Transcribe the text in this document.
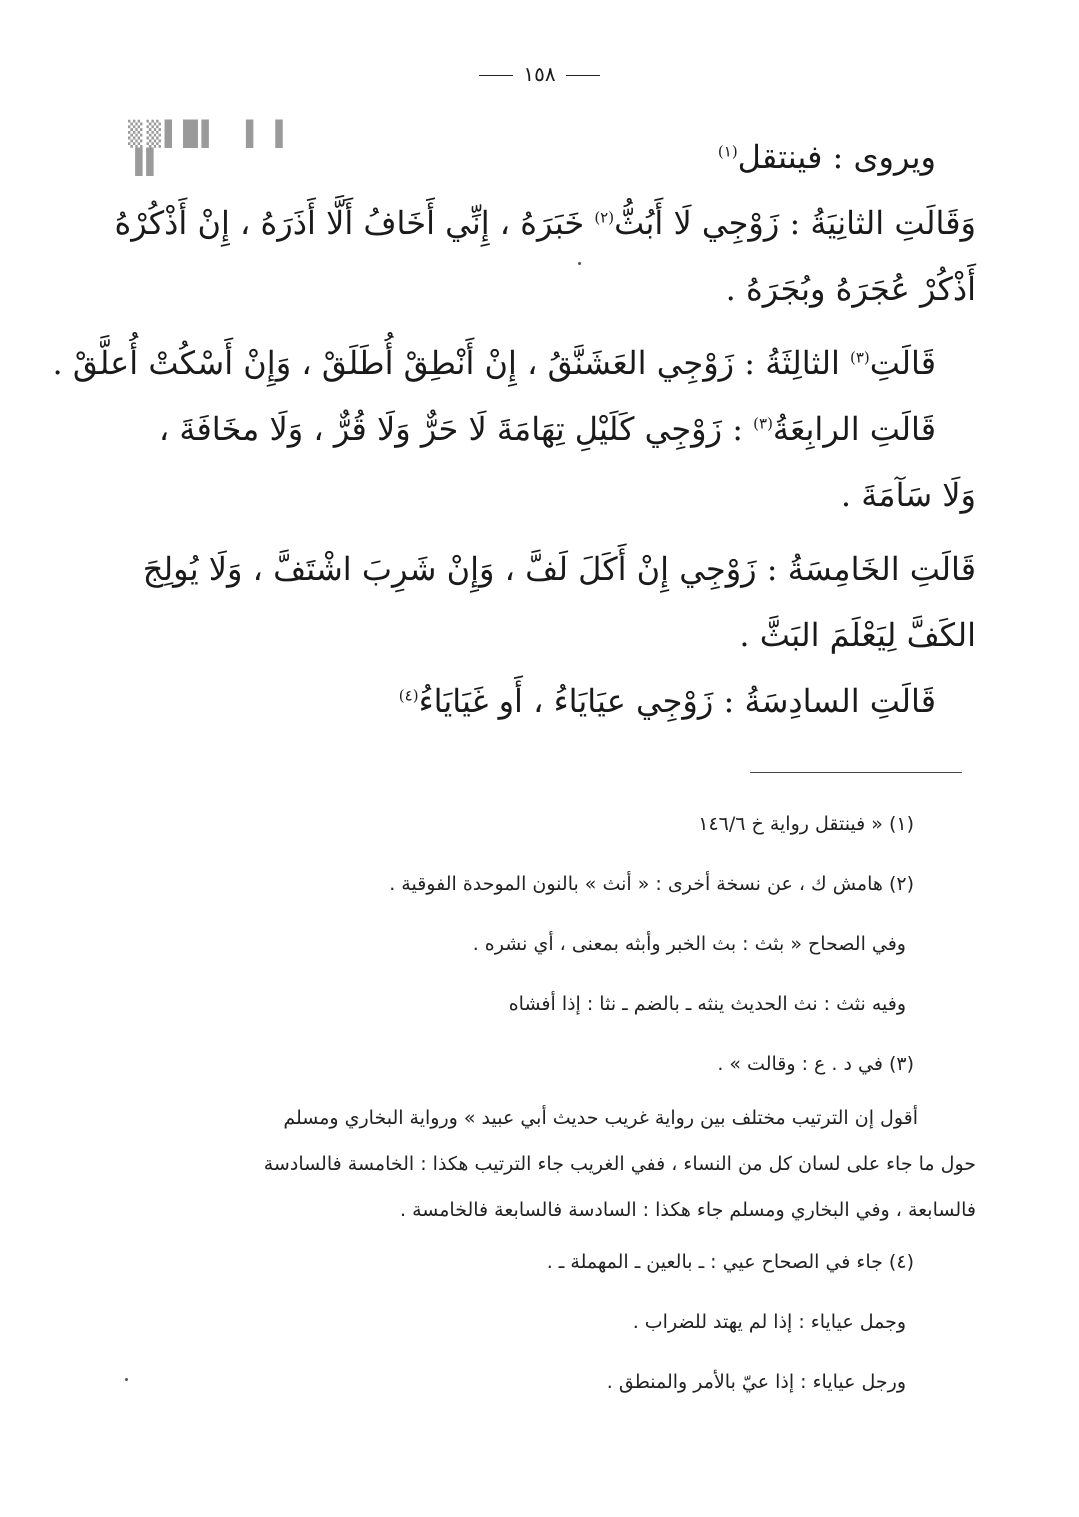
▒▒▌█▌ ▐ ▌ ▐▌
١٥٨

ويروى : فينتقل$^{(١)}$

وَقَالَتِ الثانِيَةُ : زَوْجِي لَا أَبُثُّ$^{(٢)}$ خَبَرَهُ ، إِنِّي أَخَافُ أَلَّا أَذَرَهُ ، إِنْ أَذْكُرْهُ

أَذْكُرْ عُجَرَهُ وبُجَرَهُ .

قَالَتِ$^{(٣)}$ الثالِثَةُ : زَوْجِي العَشَنَّقُ ، إِنْ أَنْطِقْ أُطَلَقْ ، وَإِنْ أَسْكُتْ أُعلَّقْ .

قَالَتِ الرابِعَةُ$^{(٣)}$ : زَوْجِي كَلَيْلِ تِهَامَةَ لَا حَرٌّ وَلَا قُرٌّ ، وَلَا مخَافَةَ ،

وَلَا سَآمَةَ .

قَالَتِ الخَامِسَةُ : زَوْجِي إِنْ أَكَلَ لَفَّ ، وَإِنْ شَرِبَ اشْتَفَّ ، وَلَا يُولِجَ

الكَفَّ لِيَعْلَمَ البَثَّ .

قَالَتِ السادِسَةُ : زَوْجِي عيَايَاءُ ، أَو غَيَايَاءُ$^{(٤)}$

(١) « فينتقل رواية خ ١٤٦/٦

(٢) هامش ك ، عن نسخة أخرى : « أنث » بالنون الموحدة الفوقية .

وفي الصحاح « بثث : بث الخبر وأبثه بمعنى ، أي نشره .

وفيه نثث : نث الحديث ينثه ـ بالضم ـ نثا : إذا أفشاه

(٣) في د . ع : وقالت » .

أقول إن الترتيب مختلف بين رواية غريب حديث أبي عبيد » ورواية البخاري ومسلم

حول ما جاء على لسان كل من النساء ، ففي الغريب جاء الترتيب هكذا : الخامسة فالسادسة

فالسابعة ، وفي البخاري ومسلم جاء هكذا : السادسة فالسابعة فالخامسة .

(٤) جاء في الصحاح عيي : ـ بالعين ـ المهملة ـ .

وجمل عياياء : إذا لم يهتد للضراب .

ورجل عياياء : إذا عيّ بالأمر والمنطق .
